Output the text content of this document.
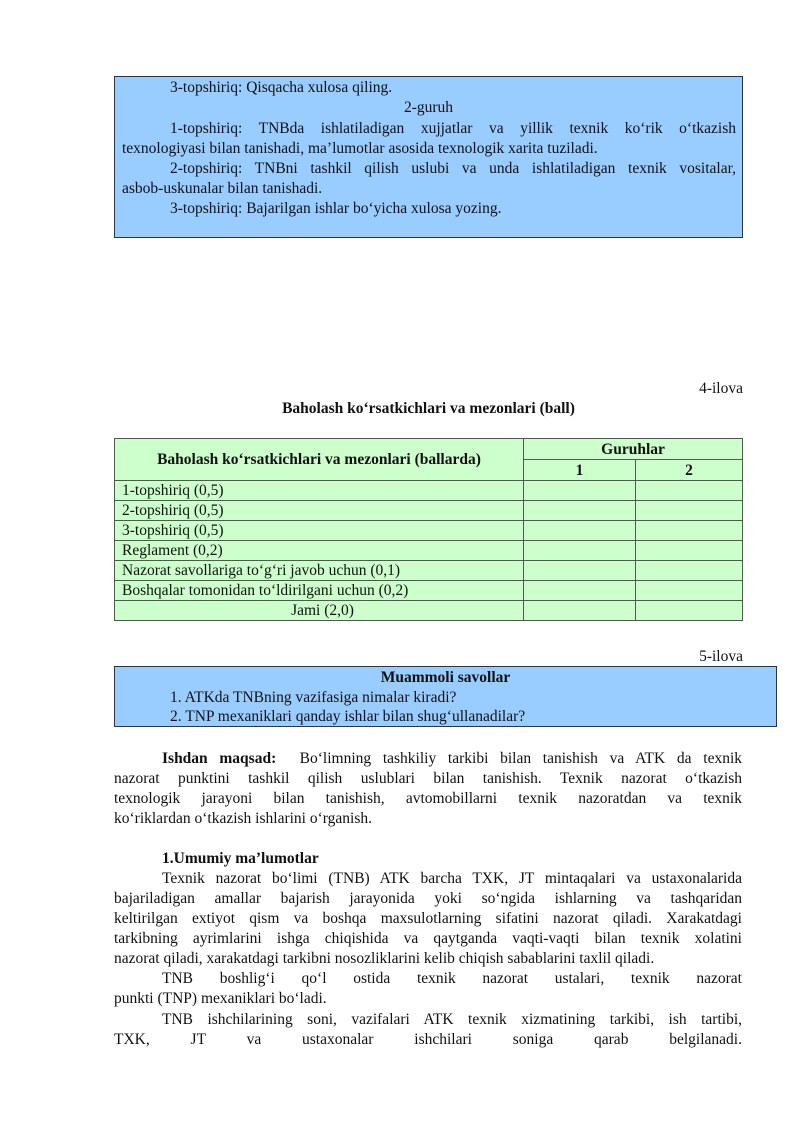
3-topshiriq: Qisqacha xulosa qiling.
2-guruh
1-topshiriq: TNBda ishlatiladigan xujjatlar va yillik texnik ko‘rik o‘tkazish
texnologiyasi bilan tanishadi, ma’lumotlar asosida texnologik xarita tuziladi.
2-topshiriq: TNBni tashkil qilish uslubi va unda ishlatiladigan texnik vositalar,
asbob-uskunalar bilan tanishadi.
3-topshiriq: Bajarilgan ishlar bo‘yicha xulosa yozing.
4-ilova
Baholash ko‘rsatkichlari va mezonlari (ball)
Baholash ko‘rsatkichlari va mezonlari (ballarda)	Guruhlar	
	1	2
1-topshiriq (0,5)		
2-topshiriq (0,5)		
3-topshiriq (0,5)		
Reglament (0,2)		
Nazorat savollariga to‘g‘ri javob uchun (0,1)		
Boshqalar tomonidan to‘ldirilgani uchun (0,2)		
Jami (2,0)		
5-ilova
Muammoli savollar
1. ATKda TNBning vazifasiga nimalar kiradi?
2. TNP mexaniklari qanday ishlar bilan shug‘ullanadilar?
Ishdan maqsad: Bo‘limning tashkiliy tarkibi bilan tanishish va ATK da texnik
nazorat punktini tashkil qilish uslublari bilan tanishish. Texnik nazorat o‘tkazish
texnologik jarayoni bilan tanishish, avtomobillarni texnik nazoratdan va texnik
ko‘riklardan o‘tkazish ishlarini o‘rganish.
1.Umumiy ma’lumotlar
Texnik nazorat bo‘limi (TNB) ATK barcha TXK, JT mintaqalari va ustaxonalarida
bajariladigan amallar bajarish jarayonida yoki so‘ngida ishlarning va tashqaridan
keltirilgan extiyot qism va boshqa maxsulotlarning sifatini nazorat qiladi. Xarakatdagi
tarkibning ayrimlarini ishga chiqishida va qaytganda vaqti-vaqti bilan texnik xolatini
nazorat qiladi, xarakatdagi tarkibni nosozliklarini kelib chiqish sabablarini taxlil qiladi.
TNB boshlig‘i qo‘l ostida texnik nazorat ustalari, texnik nazorat
punkti (TNP) mexaniklari bo‘ladi.
TNB ishchilarining soni, vazifalari ATK texnik xizmatining tarkibi, ish tartibi,
TXK, JT va ustaxonalar ishchilari soniga qarab belgilanadi.
